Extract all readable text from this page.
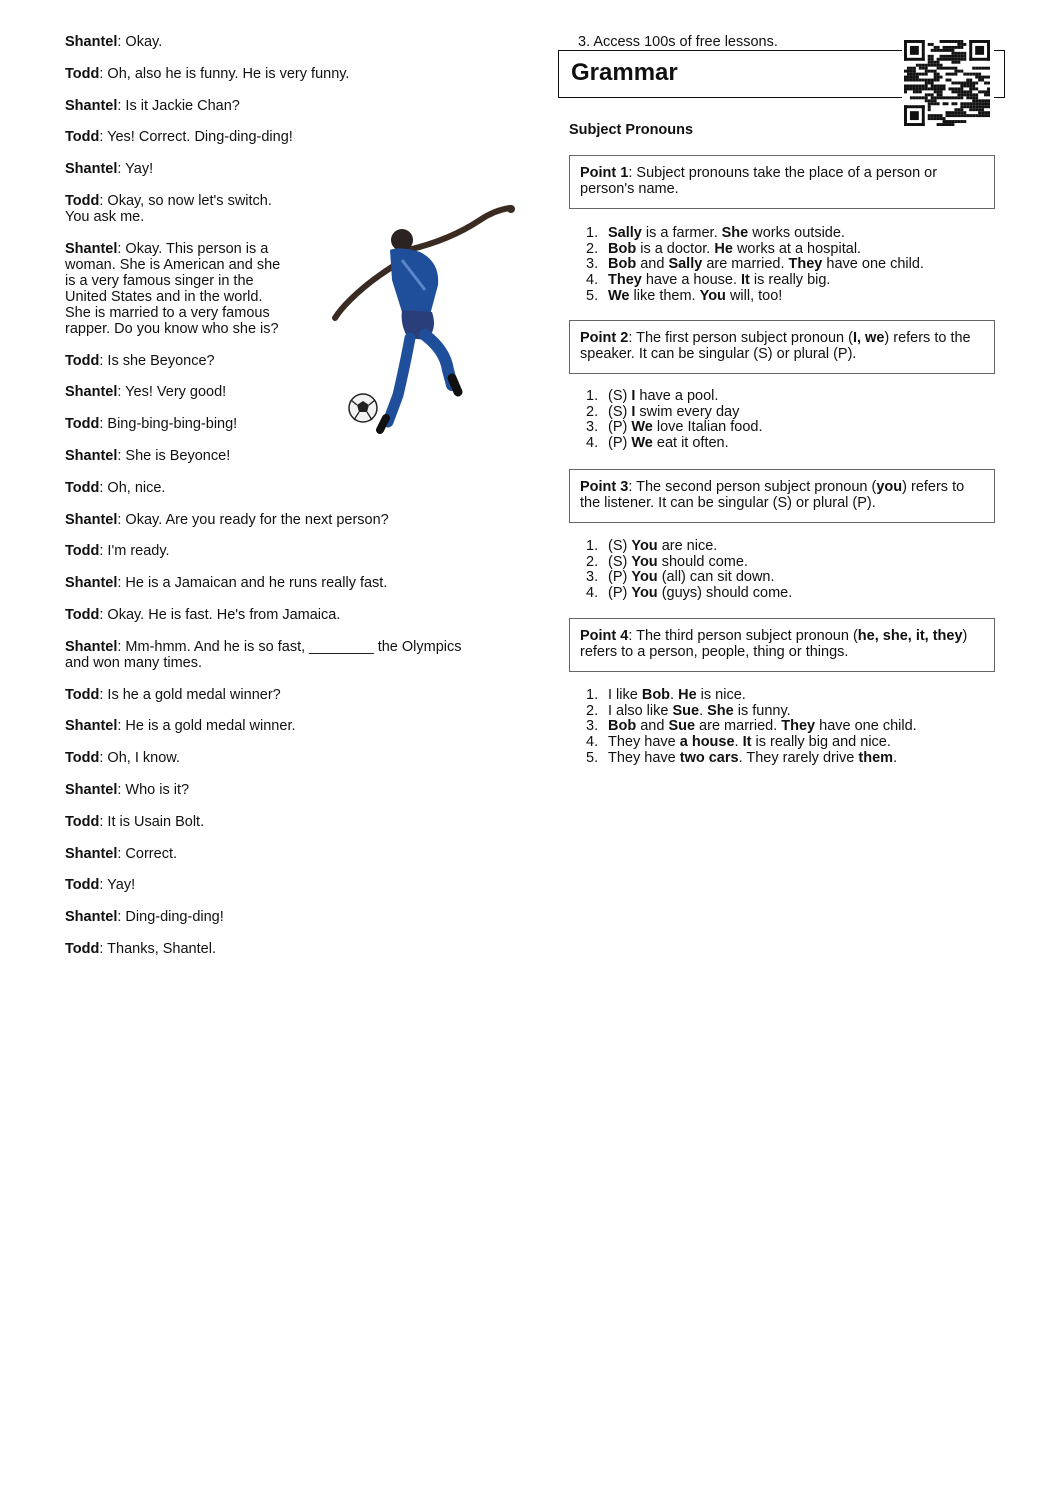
Shantel: Okay.
Todd: Oh, also he is funny. He is very funny.
Shantel: Is it Jackie Chan?
Todd: Yes! Correct. Ding-ding-ding!
Shantel: Yay!
Todd: Okay, so now let's switch.
You ask me.
Shantel: Okay. This person is a
woman. She is American and she
is a very famous singer in the
United States and in the world.
She is married to a very famous
rapper. Do you know who she is?
Todd: Is she Beyonce?
Shantel: Yes! Very good!
Todd: Bing-bing-bing-bing!
Shantel: She is Beyonce!
Todd: Oh, nice.
Shantel: Okay. Are you ready for the next person?
Todd: I'm ready.
Shantel: He is a Jamaican and he runs really fast.
Todd: Okay. He is fast. He's from Jamaica.
Shantel: Mm-hmm. And he is so fast, ________ the Olympics
and won many times.
Todd: Is he a gold medal winner?
Shantel: He is a gold medal winner.
Todd: Oh, I know.
Shantel: Who is it?
Todd: It is Usain Bolt.
Shantel: Correct.
Todd: Yay!
Shantel: Ding-ding-ding!
Todd: Thanks, Shantel.
3. Access 100s of free lessons.
Grammar
Subject Pronouns
Point 1: Subject pronouns take the place of a person or person's name.
1. Sally is a farmer. She works outside.
2. Bob is a doctor. He works at a hospital.
3. Bob and Sally are married. They have one child.
4. They have a house. It is really big.
5. We like them. You will, too!
Point 2: The first person subject pronoun (I, we) refers to the speaker. It can be singular (S) or plural (P).
1. (S) I have a pool.
2. (S) I swim every day
3. (P) We love Italian food.
4. (P) We eat it often.
Point 3: The second person subject pronoun (you) refers to the listener. It can be singular (S) or plural (P).
1. (S) You are nice.
2. (S) You should come.
3. (P) You (all) can sit down.
4. (P) You (guys) should come.
Point 4: The third person subject pronoun (he, she, it, they) refers to a person, people, thing or things.
1. I like Bob. He is nice.
2. I also like Sue. She is funny.
3. Bob and Sue are married. They have one child.
4. They have a house. It is really big and nice.
5. They have two cars. They rarely drive them.
